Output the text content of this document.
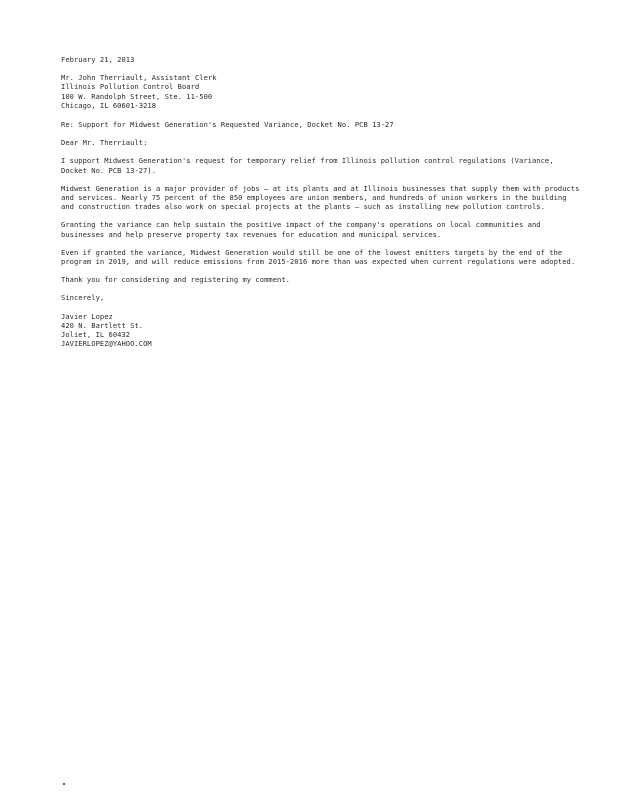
February 21, 2013
Mr. John Therriault, Assistant Clerk
Illinois Pollution Control Board
100 W. Randolph Street, Ste. 11-500
Chicago, IL 60601-3218
Re: Support for Midwest Generation's Requested Variance, Docket No. PCB 13-27
Dear Mr. Therriault:
I support Midwest Generation's request for temporary relief from Illinois pollution control regulations (Variance, Docket No. PCB 13-27).
Midwest Generation is a major provider of jobs – at its plants and at Illinois businesses that supply them with products and services. Nearly 75 percent of the 850 employees are union members, and hundreds of union workers in the building and construction trades also work on special projects at the plants – such as installing new pollution controls.
Granting the variance can help sustain the positive impact of the company's operations on local communities and businesses and help preserve property tax revenues for education and municipal services.
Even if granted the variance, Midwest Generation would still be one of the lowest emitters targets by the end of the program in 2019, and will reduce emissions from 2015-2016 more than was expected when current regulations were adopted.
Thank you for considering and registering my comment.
Sincerely,
Javier Lopez
420 N. Bartlett St.
Joliet, IL 60432
JAVIERLOPEZ@YAHOO.COM
